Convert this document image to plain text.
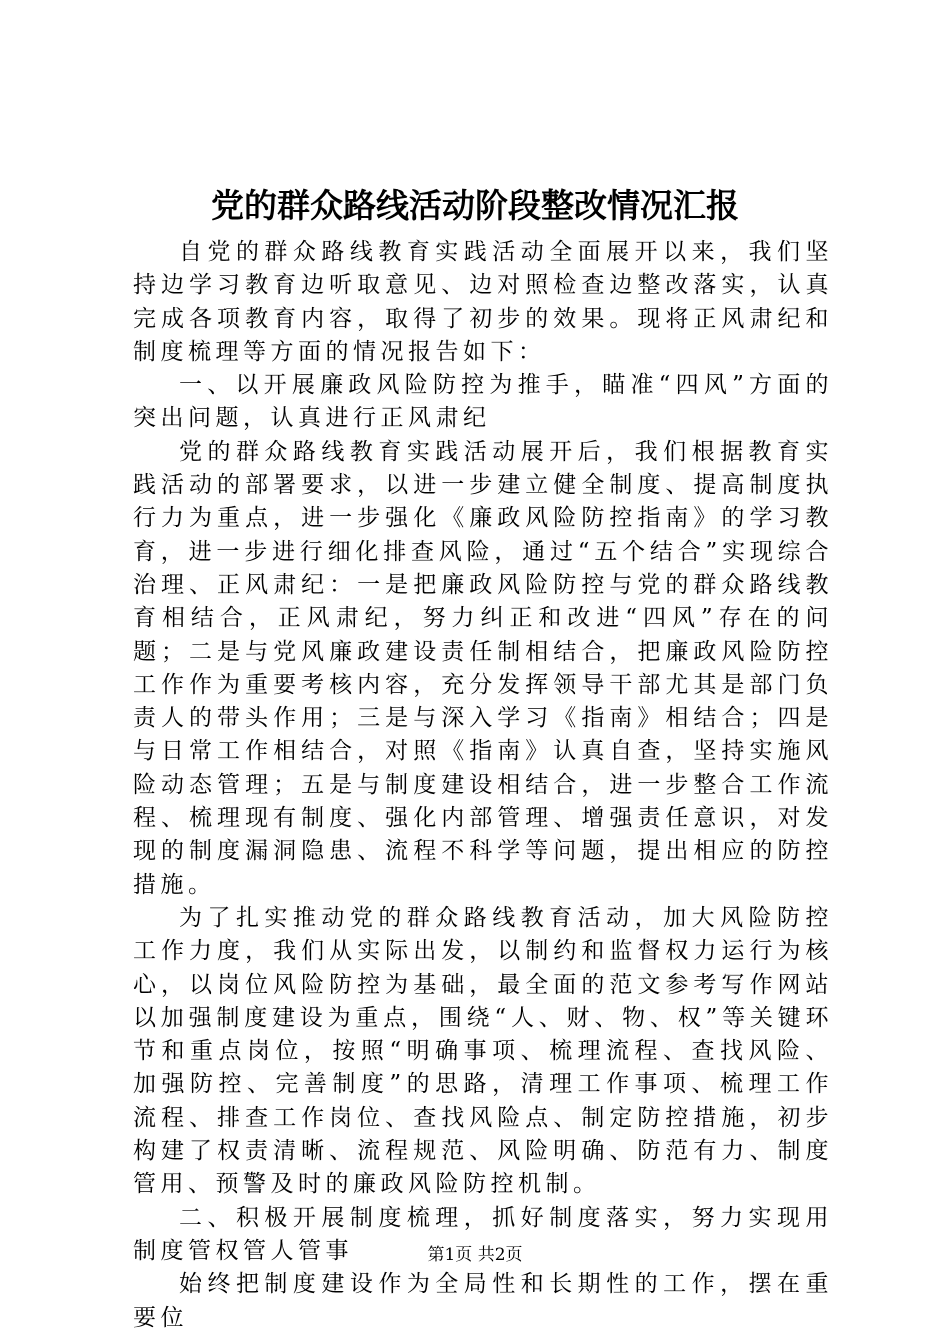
党的群众路线活动阶段整改情况汇报

自党的群众路线教育实践活动全面展开以来，我们坚持边学习教育边听取意见、边对照检查边整改落实，认真完成各项教育内容，取得了初步的效果。现将正风肃纪和制度梳理等方面的情况报告如下：

一、以开展廉政风险防控为推手，瞄准“四风”方面的突出问题，认真进行正风肃纪

党的群众路线教育实践活动展开后，我们根据教育实践活动的部署要求，以进一步建立健全制度、提高制度执行力为重点，进一步强化《廉政风险防控指南》的学习教育，进一步进行细化排查风险，通过“五个结合”实现综合治理、正风肃纪：一是把廉政风险防控与党的群众路线教育相结合，正风肃纪，努力纠正和改进“四风”存在的问题；二是与党风廉政建设责任制相结合，把廉政风险防控工作作为重要考核内容，充分发挥领导干部尤其是部门负责人的带头作用；三是与深入学习《指南》相结合；四是与日常工作相结合，对照《指南》认真自查，坚持实施风险动态管理；五是与制度建设相结合，进一步整合工作流程、梳理现有制度、强化内部管理、增强责任意识，对发现的制度漏洞隐患、流程不科学等问题，提出相应的防控措施。

为了扎实推动党的群众路线教育活动，加大风险防控工作力度，我们从实际出发，以制约和监督权力运行为核心，以岗位风险防控为基础，最全面的范文参考写作网站以加强制度建设为重点，围绕“人、财、物、权”等关键环节和重点岗位，按照“明确事项、梳理流程、查找风险、加强防控、完善制度”的思路，清理工作事项、梳理工作流程、排查工作岗位、查找风险点、制定防控措施，初步构建了权责清晰、流程规范、风险明确、防范有力、制度管用、预警及时的廉政风险防控机制。

二、积极开展制度梳理，抓好制度落实，努力实现用制度管权管人管事

始终把制度建设作为全局性和长期性的工作，摆在重要位

第1页 共2页
